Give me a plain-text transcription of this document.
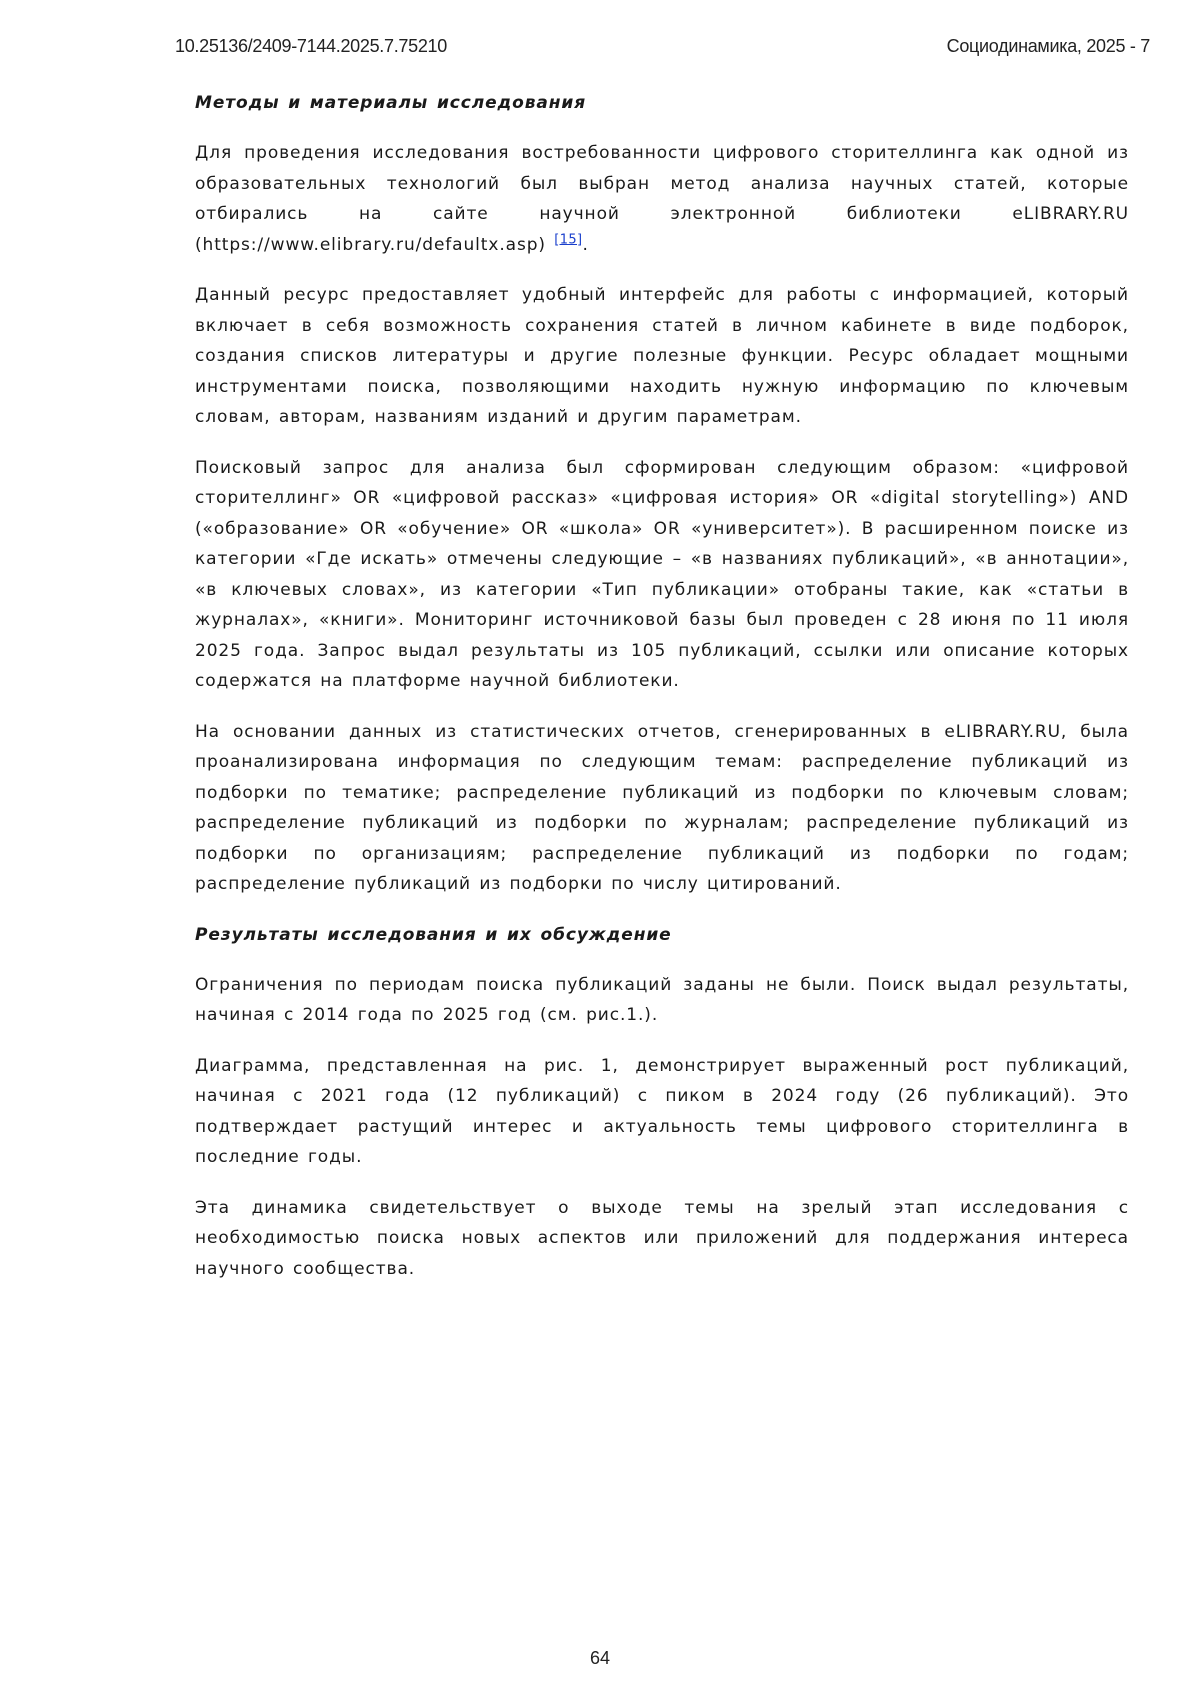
10.25136/2409-7144.2025.7.75210	Социодинамика, 2025 - 7
Методы и материалы исследования

Для проведения исследования востребованности цифрового сторителлинга как одной из образовательных технологий был выбран метод анализа научных статей, которые отбирались на сайте научной электронной библиотеки eLIBRARY.RU (https://www.elibrary.ru/defaultx.asp) [15].

Данный ресурс предоставляет удобный интерфейс для работы с информацией, который включает в себя возможность сохранения статей в личном кабинете в виде подборок, создания списков литературы и другие полезные функции. Ресурс обладает мощными инструментами поиска, позволяющими находить нужную информацию по ключевым словам, авторам, названиям изданий и другим параметрам.

Поисковый запрос для анализа был сформирован следующим образом: «цифровой сторителлинг» OR «цифровой рассказ» «цифровая история» OR «digital storytelling») AND («образование» OR «обучение» OR «школа» OR «университет»). В расширенном поиске из категории «Где искать» отмечены следующие – «в названиях публикаций», «в аннотации», «в ключевых словах», из категории «Тип публикации» отобраны такие, как «статьи в журналах», «книги». Мониторинг источниковой базы был проведен с 28 июня по 11 июля 2025 года. Запрос выдал результаты из 105 публикаций, ссылки или описание которых содержатся на платформе научной библиотеки.

На основании данных из статистических отчетов, сгенерированных в eLIBRARY.RU, была проанализирована информация по следующим темам: распределение публикаций из подборки по тематике; распределение публикаций из подборки по ключевым словам; распределение публикаций из подборки по журналам; распределение публикаций из подборки по организациям; распределение публикаций из подборки по годам; распределение публикаций из подборки по числу цитирований.

Результаты исследования и их обсуждение

Ограничения по периодам поиска публикаций заданы не были. Поиск выдал результаты, начиная с 2014 года по 2025 год (см. рис.1.).

Диаграмма, представленная на рис. 1, демонстрирует выраженный рост публикаций, начиная с 2021 года (12 публикаций) с пиком в 2024 году (26 публикаций). Это подтверждает растущий интерес и актуальность темы цифрового сторителлинга в последние годы.

Эта динамика свидетельствует о выходе темы на зрелый этап исследования с необходимостью поиска новых аспектов или приложений для поддержания интереса научного сообщества.

64
